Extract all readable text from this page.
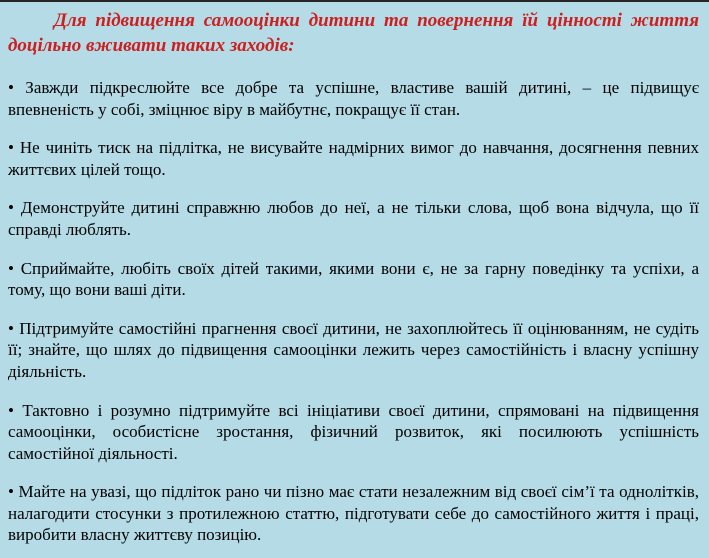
Для підвищення самооцінки дитини та повернення їй цінності життя доцільно вживати таких заходів:

• Завжди підкреслюйте все добре та успішне, властиве вашій дитині, – це підвищує впевненість у собі, зміцнює віру в майбутнє, покращує її стан.

• Не чиніть тиск на підлітка, не висувайте надмірних вимог до навчання, досягнення певних життєвих цілей тощо.

• Демонструйте дитині справжню любов до неї, а не тільки слова, щоб вона відчула, що її справді люблять.

• Сприймайте, любіть своїх дітей такими, якими вони є, не за гарну поведінку та успіхи, а тому, що вони ваші діти.

• Підтримуйте самостійні прагнення своєї дитини, не захоплюйтесь її оцінюванням, не судіть її; знайте, що шлях до підвищення самооцінки лежить через самостійність і власну успішну діяльність.

• Тактовно і розумно підтримуйте всі ініціативи своєї дитини, спрямовані на підвищення самооцінки, особистісне зростання, фізичний розвиток, які посилюють успішність самостійної діяльності.

• Майте на увазі, що підліток рано чи пізно має стати незалежним від своєї сім’ї та однолітків, налагодити стосунки з протилежною статтю, підготувати себе до самостійного життя і праці, виробити власну життєву позицію.
